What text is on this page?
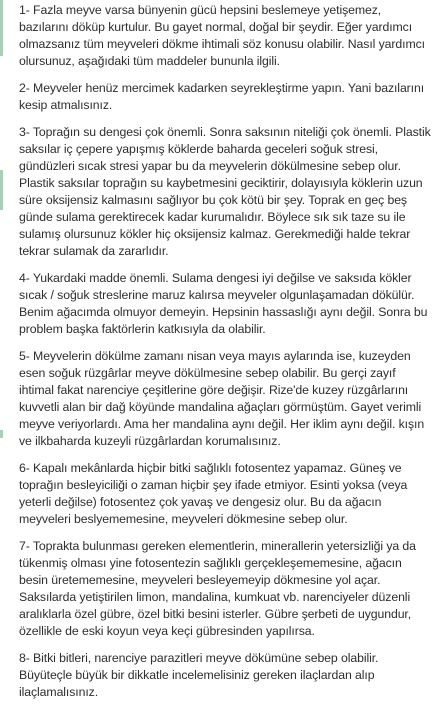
1- Fazla meyve varsa bünyenin gücü hepsini beslemeye yetişemez, bazılarını döküp kurtulur. Bu gayet normal, doğal bir şeydir. Eğer yardımcı olmazsanız tüm meyveleri dökme ihtimali söz konusu olabilir. Nasıl yardımcı olursunuz, aşağıdaki tüm maddeler bununla ilgili.

2- Meyveler henüz mercimek kadarken seyrekleştirme yapın. Yani bazılarını kesip atmalısınız.

3- Toprağın su dengesi çok önemli. Sonra saksının niteliği çok önemli. Plastik saksılar iç çepere yapışmış köklerde baharda geceleri soğuk stresi, gündüzleri sıcak stresi yapar bu da meyvelerin dökülmesine sebep olur. Plastik saksılar toprağın su kaybetmesini geciktirir, dolayısıyla köklerin uzun süre oksijensiz kalmasını sağlıyor bu çok kötü bir şey. Toprak en geç beş günde sulama gerektirecek kadar kurumalıdır. Böylece sık sık taze su ile sulamış olursunuz kökler hiç oksijensiz kalmaz. Gerekmediği halde tekrar tekrar sulamak da zararlıdır.

4- Yukardaki madde önemli. Sulama dengesi iyi değilse ve saksıda kökler sıcak / soğuk streslerine maruz kalırsa meyveler olgunlaşamadan dökülür. Benim ağacımda olmuyor demeyin. Hepsinin hassaslığı aynı değil. Sonra bu problem başka faktörlerin katkısıyla da olabilir.

5- Meyvelerin dökülme zamanı nisan veya mayıs aylarında ise, kuzeyden esen soğuk rüzgârlar meyve dökülmesine sebep olabilir. Bu gerçi zayıf ihtimal fakat narenciye çeşitlerine göre değişir. Rize'de kuzey rüzgârlarını kuvvetli alan bir dağ köyünde mandalina ağaçları görmüştüm. Gayet verimli meyve veriyorlardı. Ama her mandalina aynı değil. Her iklim aynı değil. kışın ve ilkbaharda kuzeyli rüzgârlardan korumalısınız.

6- Kapalı mekânlarda hiçbir bitki sağlıklı fotosentez yapamaz. Güneş ve toprağın besleyiciliği o zaman hiçbir şey ifade etmiyor. Esinti yoksa (veya yeterli değilse) fotosentez çok yavaş ve dengesiz olur. Bu da ağacın meyveleri beslyememesine, meyveleri dökmesine sebep olur.

7- Toprakta bulunması gereken elementlerin, minerallerin yetersizliği ya da tükenmiş olması yine fotosentezin sağlıklı gerçekleşememesine, ağacın besin üretememesine, meyveleri besleyemeyip dökmesine yol açar. Saksılarda yetiştirilen limon, mandalina, kumkuat vb. narenciyeler düzenli aralıklarla özel gübre, özel bitki besini isterler. Gübre şerbeti de uygundur, özellikle de eski koyun veya keçi gübresinden yapılırsa.

8- Bitki bitleri, narenciye parazitleri meyve dökümüne sebep olabilir. Büyüteçle büyük bir dikkatle incelemelisiniz gereken ilaçlardan alıp ilaçlamalısınız.
